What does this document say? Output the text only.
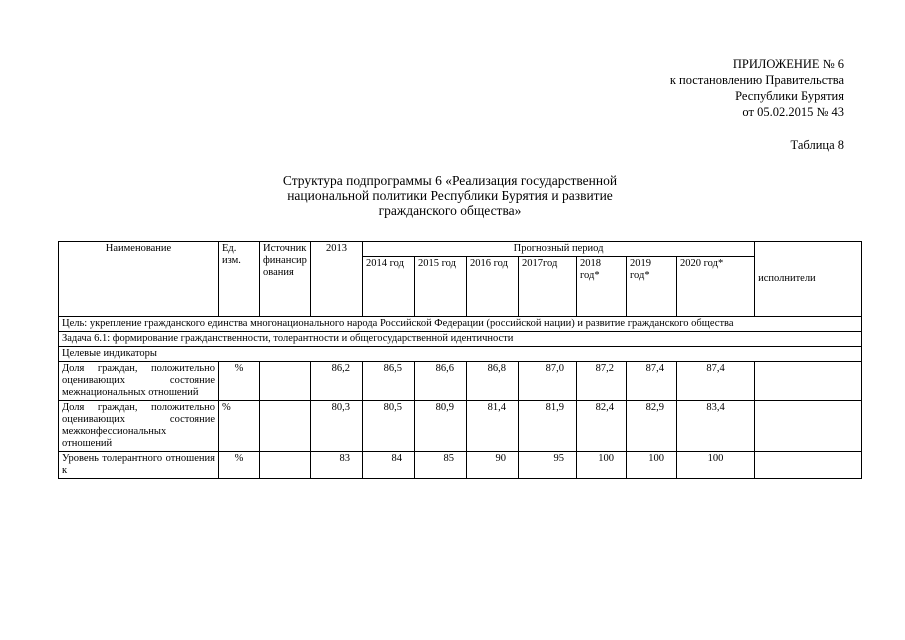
ПРИЛОЖЕНИЕ № 6
к постановлению Правительства
Республики Бурятия
от 05.02.2015 № 43
Таблица 8
Структура подпрограммы 6 «Реализация государственной
национальной политики Республики Бурятия и развитие
гражданского общества»
Наименование	Ед. изм.	Источник финансирования	2013	Прогнозный период							исполнители
				2014 год	2015 год	2016 год	2017год	2018 год*	2019 год*	2020 год*	
Цель: укрепление гражданского единства многонационального народа Российской Федерации (российской нации) и развитие гражданского общества											
Задача 6.1: формирование гражданственности, толерантности и общегосударственной идентичности											
Целевые индикаторы											
Доля граждан, положительно оценивающих состояние межнациональных отношений	%		86,2	86,5	86,6	86,8	87,0	87,2	87,4	87,4	
Доля граждан, положительно оценивающих состояние межконфессиональных отношений	%		80,3	80,5	80,9	81,4	81,9	82,4	82,9	83,4	
Уровень толерантного отношения к	%		83	84	85	90	95	100	100	100	
